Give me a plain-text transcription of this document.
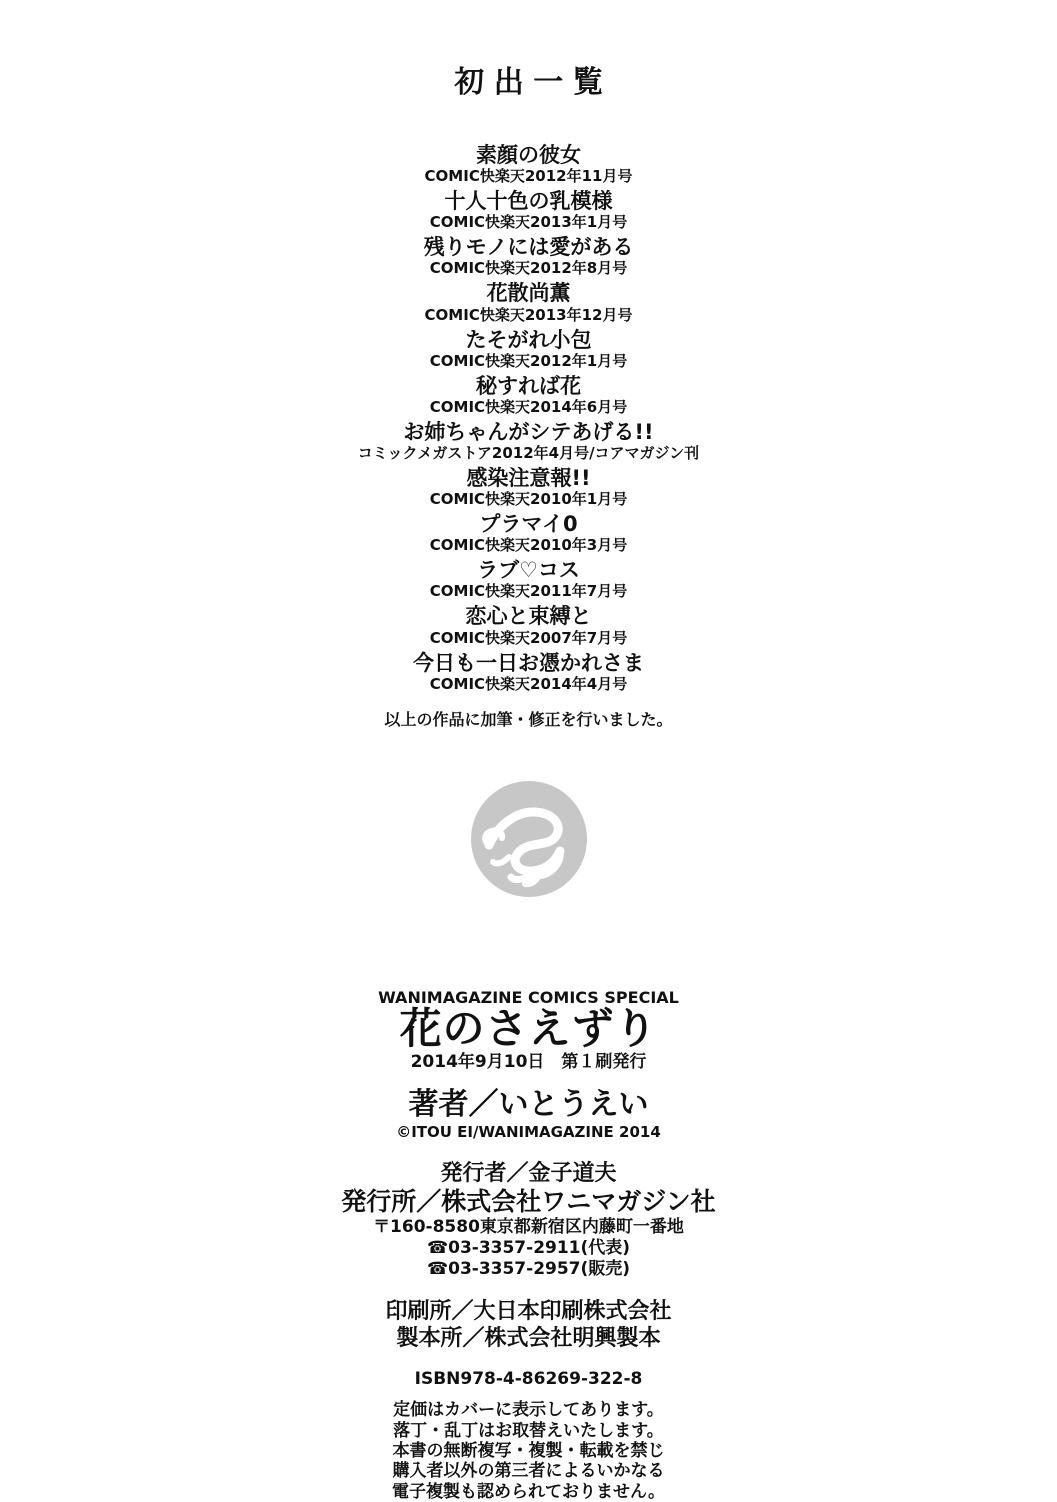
初出一覧

素顔の彼女

COMIC快楽天2012年11月号

十人十色の乳模様

COMIC快楽天2013年1月号

残りモノには愛がある

COMIC快楽天2012年8月号

花散尚薫

COMIC快楽天2013年12月号

たそがれ小包

COMIC快楽天2012年1月号

秘すれば花

COMIC快楽天2014年6月号

お姉ちゃんがシテあげる!!

コミックメガストア2012年4月号/コアマガジン刊

感染注意報!!

COMIC快楽天2010年1月号

プラマイ0

COMIC快楽天2010年3月号

ラブ♡コス

COMIC快楽天2011年7月号

恋心と束縛と

COMIC快楽天2007年7月号

今日も一日お憑かれさま

COMIC快楽天2014年4月号

以上の作品に加筆・修正を行いました。

WANIMAGAZINE COMICS SPECIAL

花のさえずり

2014年9月10日　第１刷発行

著者／いとうえい

©ITOU EI/WANIMAGAZINE 2014

発行者／金子道夫

発行所／株式会社ワニマガジン社

〒160-8580東京都新宿区内藤町一番地

☎03-3357-2911(代表)

☎03-3357-2957(販売)

印刷所／大日本印刷株式会社

製本所／株式会社明興製本

ISBN978-4-86269-322-8

定価はカバーに表示してあります。

落丁・乱丁はお取替えいたします。

本書の無断複写・複製・転載を禁じ

購入者以外の第三者によるいかなる

電子複製も認められておりません。
